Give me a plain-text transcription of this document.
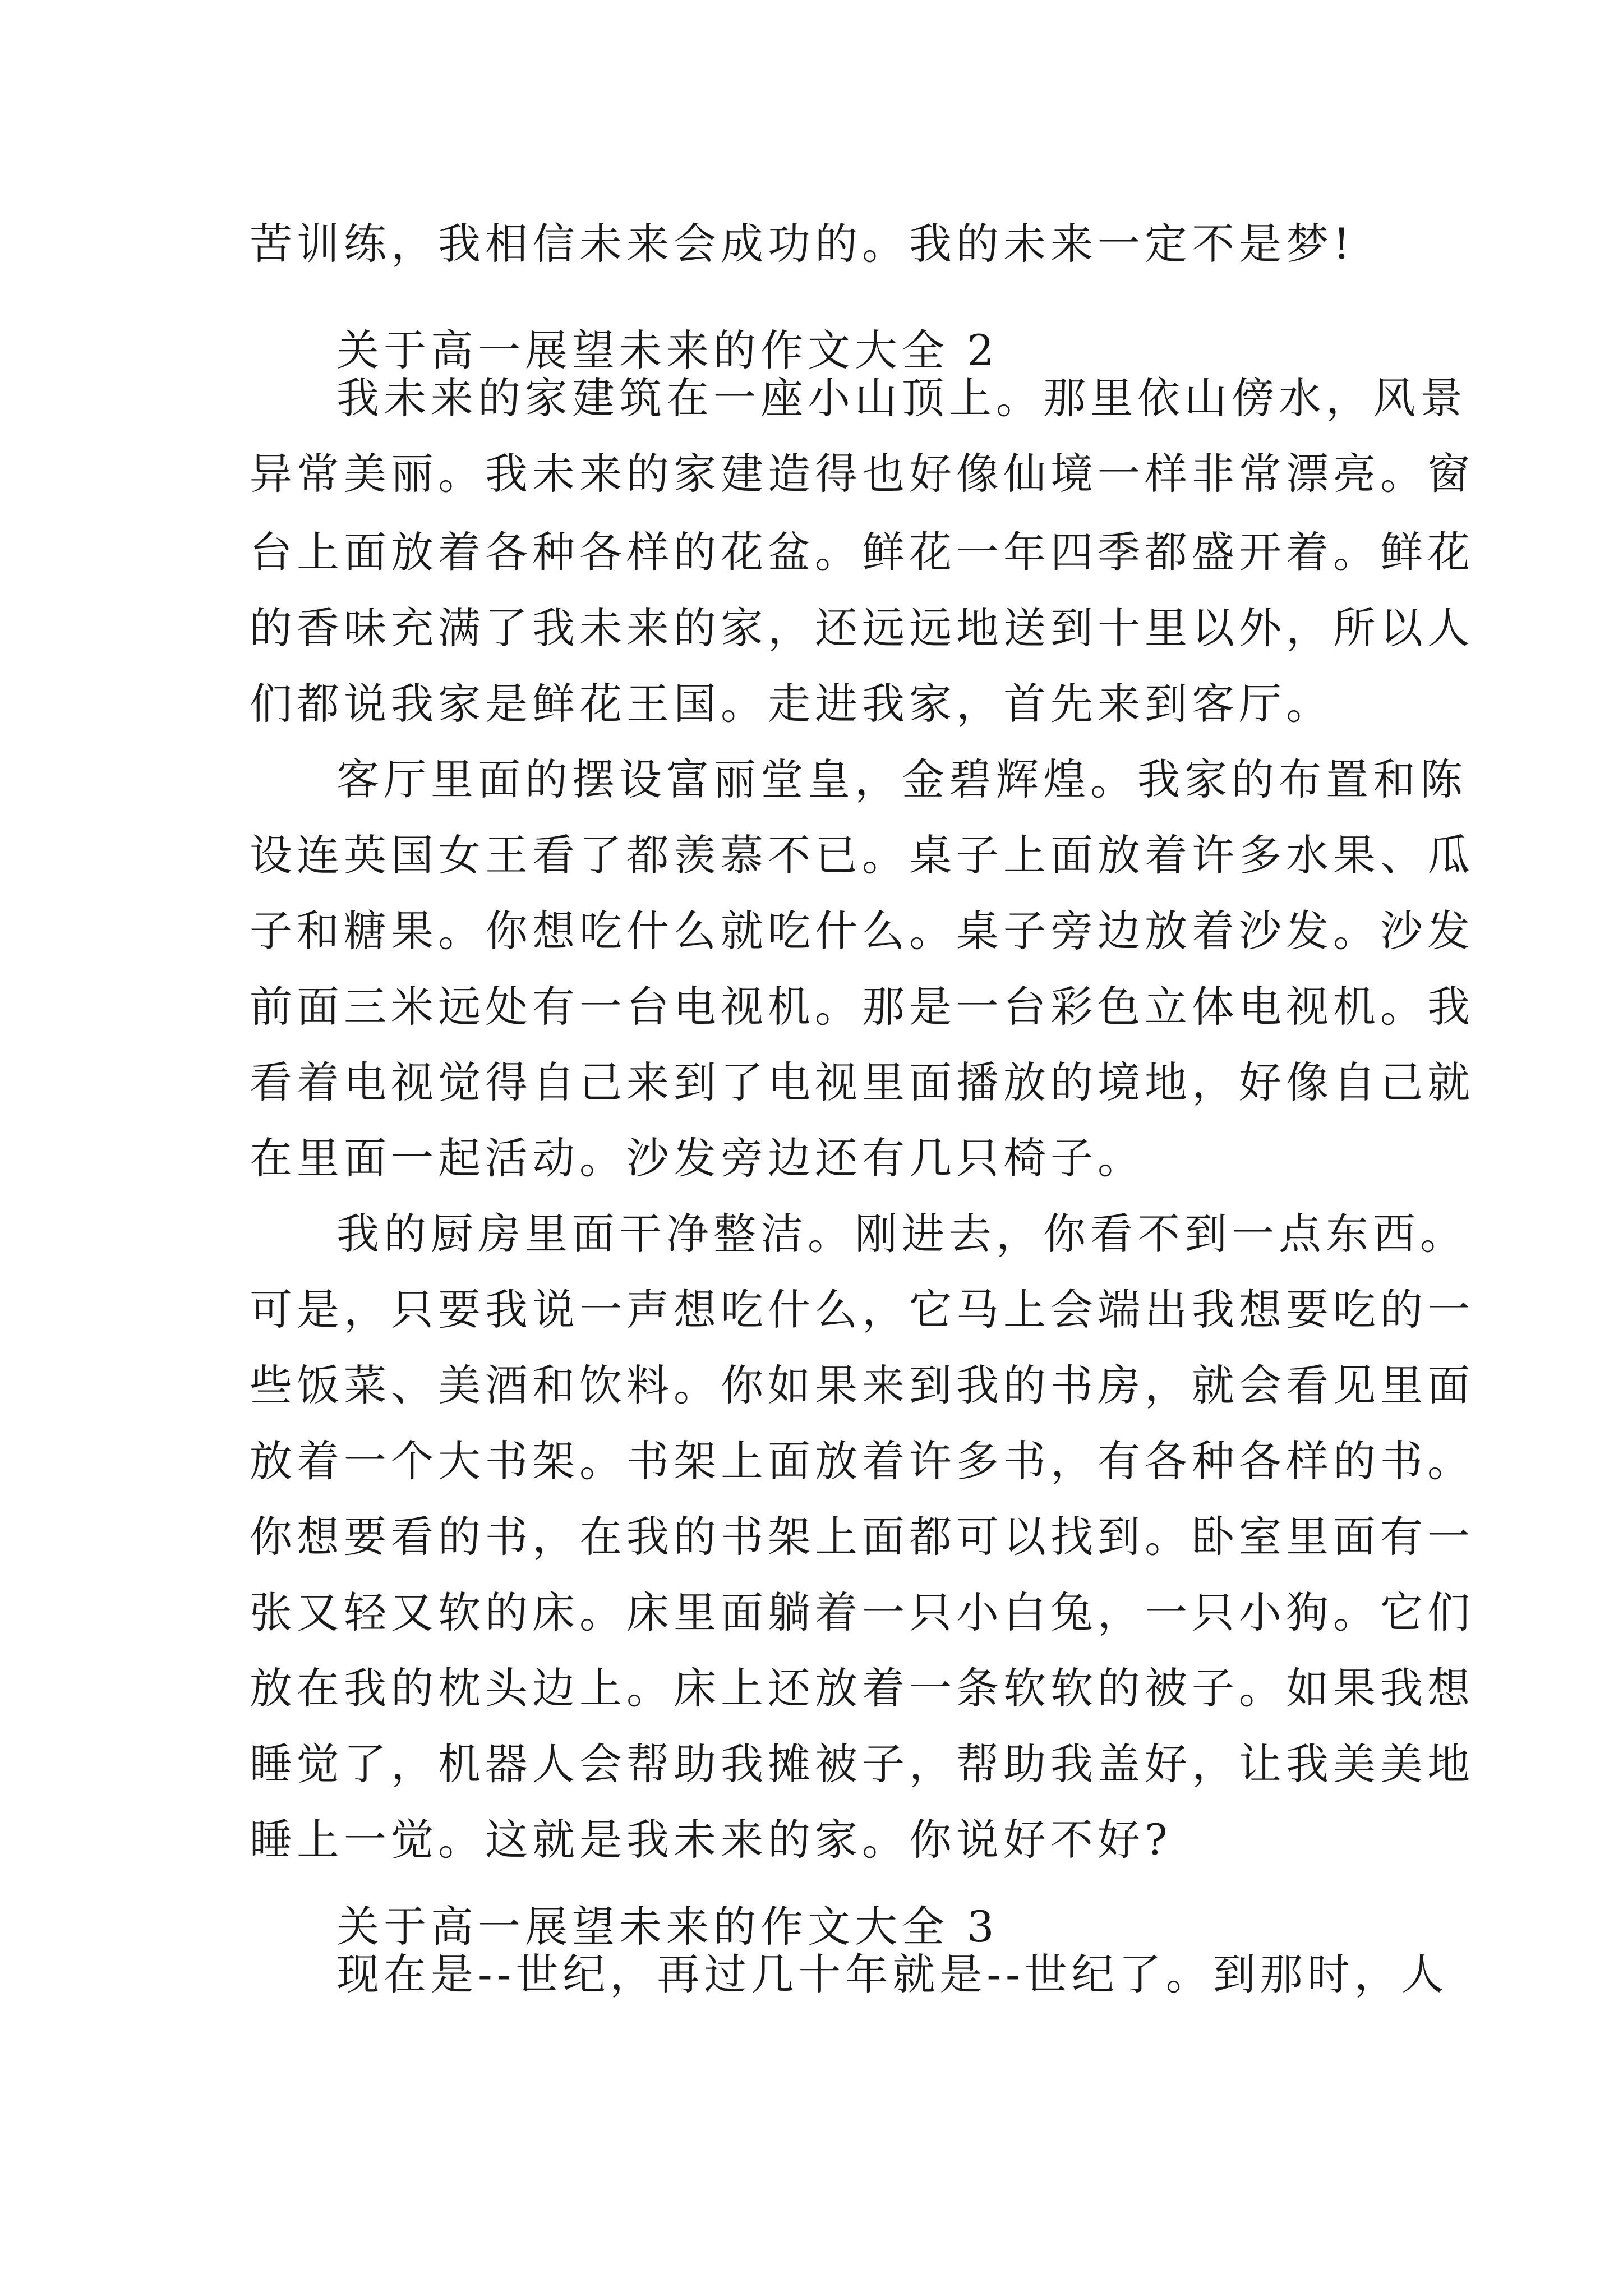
苦训练，我相信未来会成功的。我的未来一定不是梦!
关于高一展望未来的作文大全 2
我未来的家建筑在一座小山顶上。那里依山傍水，风景
异常美丽。我未来的家建造得也好像仙境一样非常漂亮。窗
台上面放着各种各样的花盆。鲜花一年四季都盛开着。鲜花
的香味充满了我未来的家，还远远地送到十里以外，所以人
们都说我家是鲜花王国。走进我家，首先来到客厅。
客厅里面的摆设富丽堂皇，金碧辉煌。我家的布置和陈
设连英国女王看了都羡慕不已。桌子上面放着许多水果、瓜
子和糖果。你想吃什么就吃什么。桌子旁边放着沙发。沙发
前面三米远处有一台电视机。那是一台彩色立体电视机。我
看着电视觉得自己来到了电视里面播放的境地，好像自己就
在里面一起活动。沙发旁边还有几只椅子。
我的厨房里面干净整洁。刚进去，你看不到一点东西。
可是，只要我说一声想吃什么，它马上会端出我想要吃的一
些饭菜、美酒和饮料。你如果来到我的书房，就会看见里面
放着一个大书架。书架上面放着许多书，有各种各样的书。
你想要看的书，在我的书架上面都可以找到。卧室里面有一
张又轻又软的床。床里面躺着一只小白兔，一只小狗。它们
放在我的枕头边上。床上还放着一条软软的被子。如果我想
睡觉了，机器人会帮助我摊被子，帮助我盖好，让我美美地
睡上一觉。这就是我未来的家。你说好不好?
关于高一展望未来的作文大全 3
现在是--世纪，再过几十年就是--世纪了。到那时，人
